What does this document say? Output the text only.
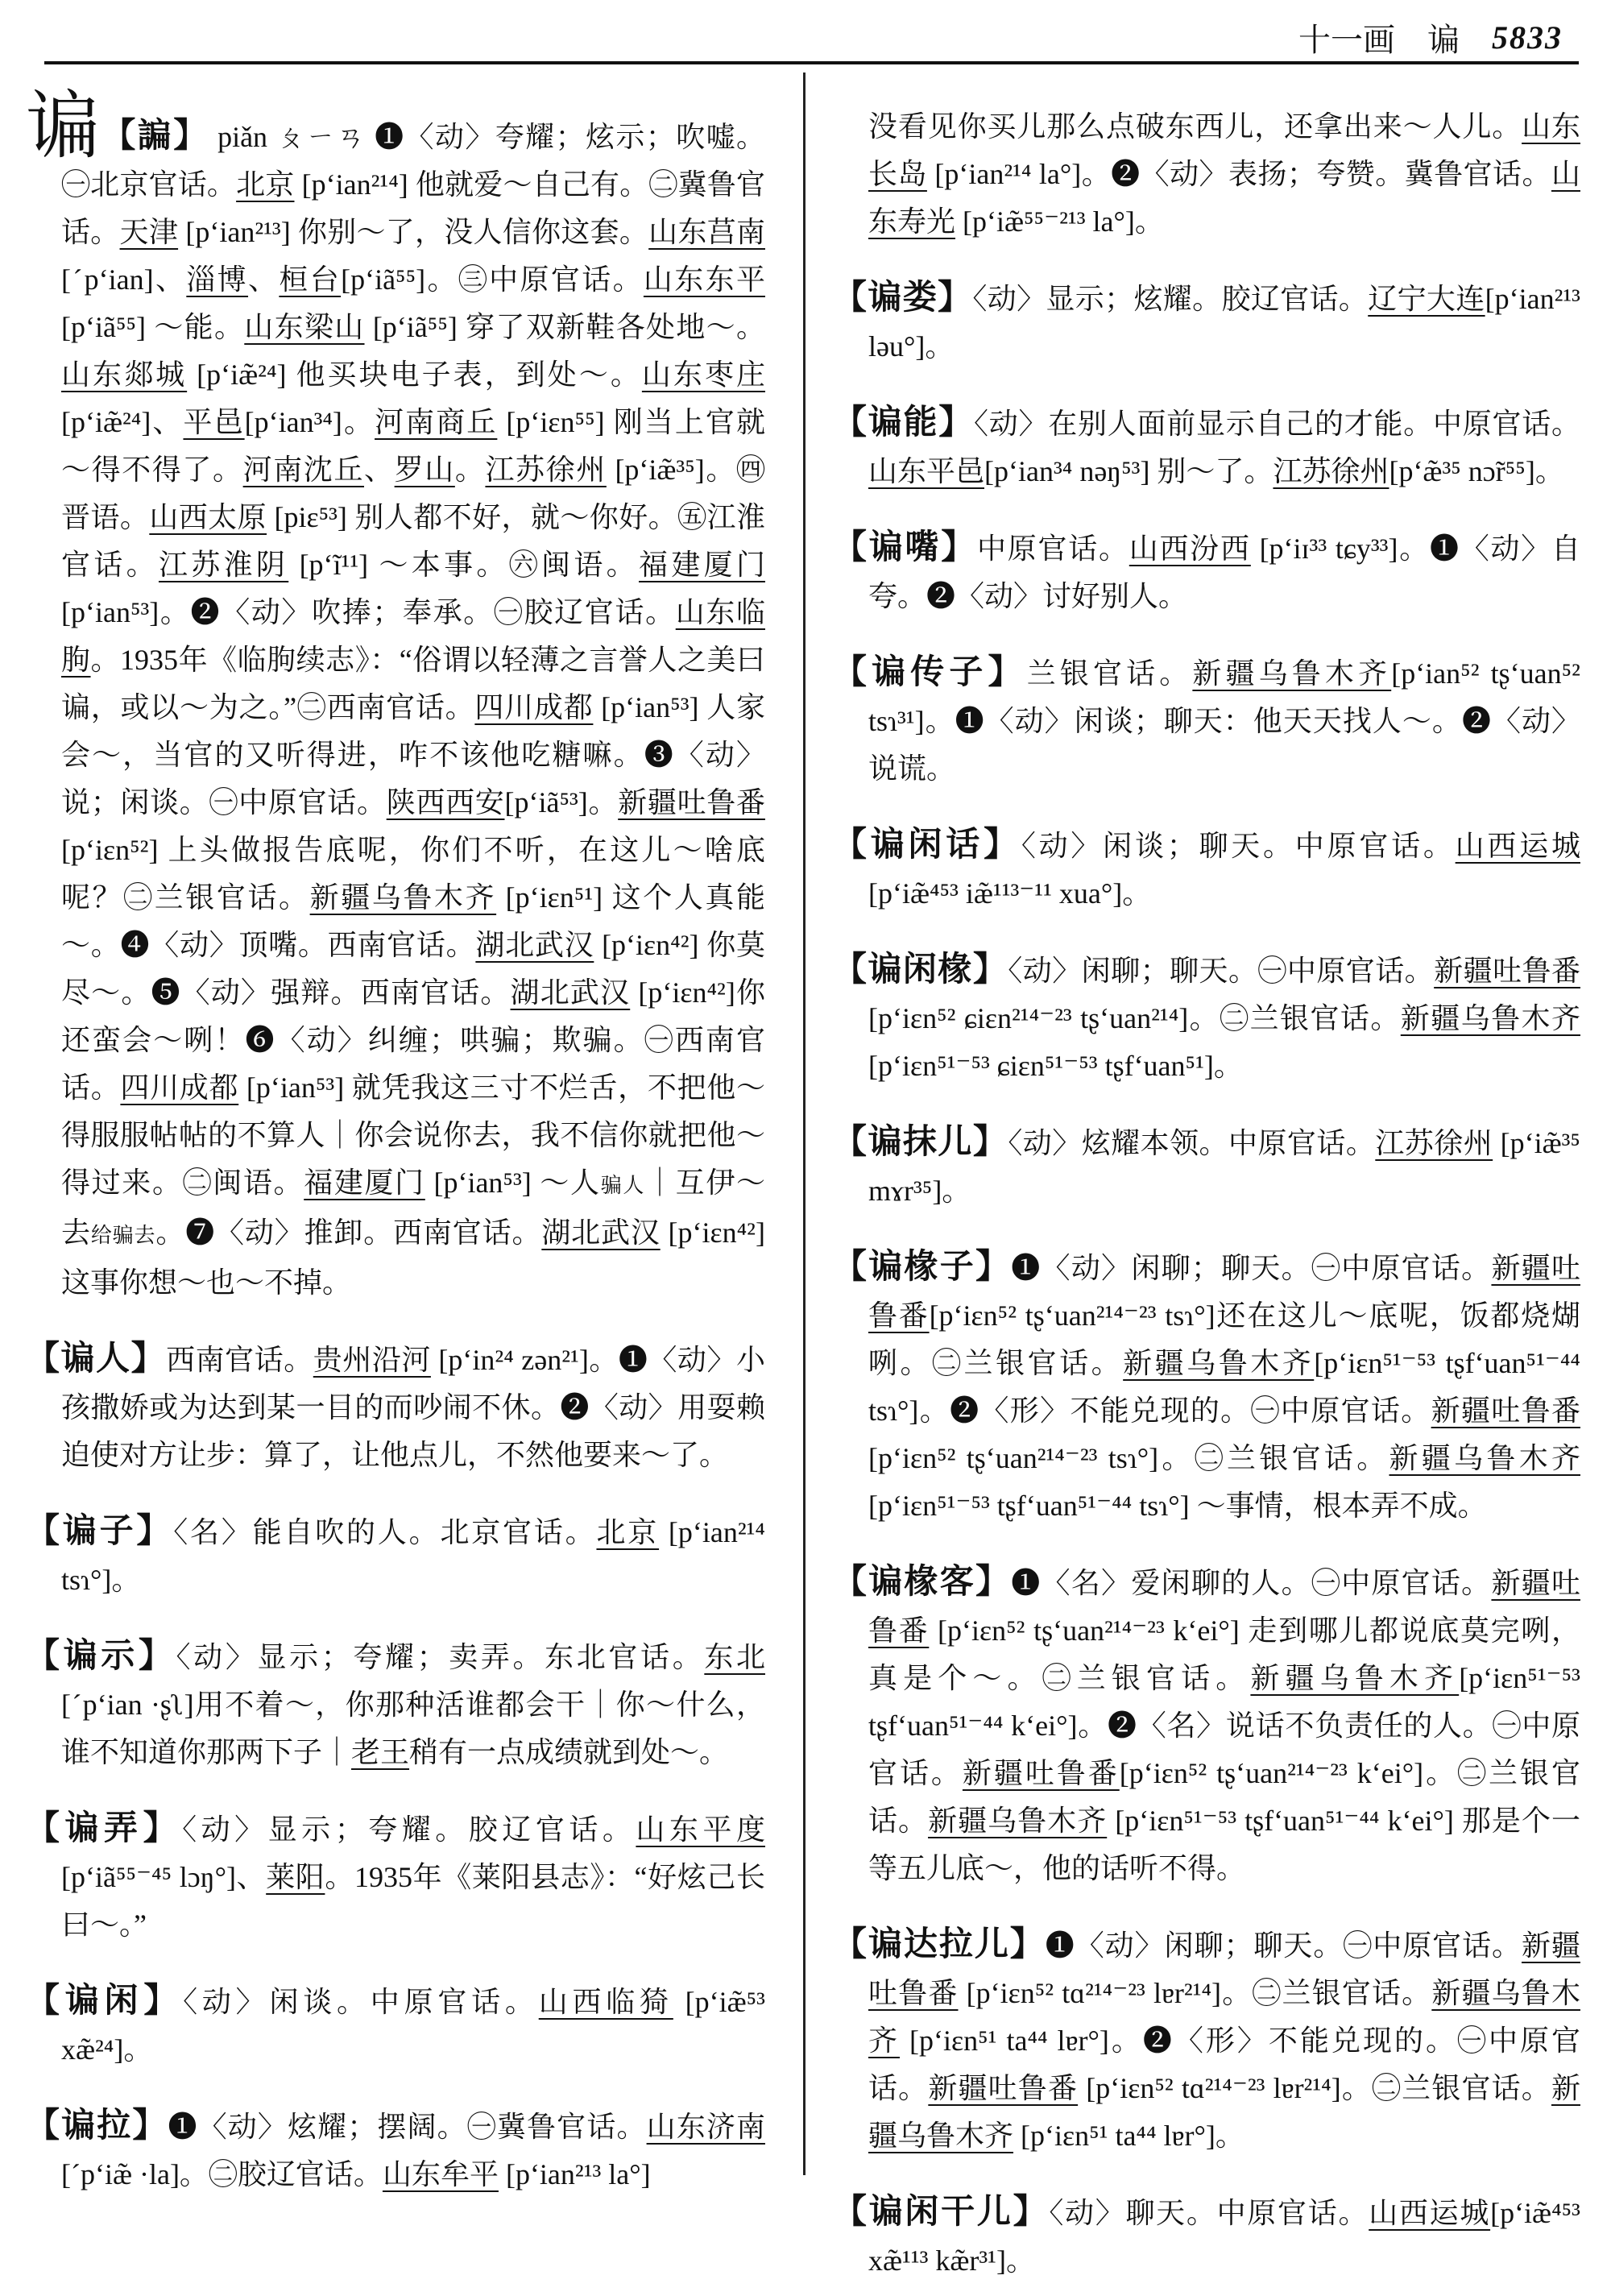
十一画 谝 5833

谝【諞】 piǎn ㄆㄧㄢ ❶〈动〉夸耀；炫示；吹嘘。㊀北京官话。北京 [p‘ian²¹⁴] 他就爱～自己有。㊁冀鲁官话。天津 [p‘ian²¹³] 你别～了，没人信你这套。山东莒南[ˊp‘ian]、淄博、桓台[p‘iã⁵⁵]。㊂中原官话。山东东平 [p‘iã⁵⁵] ～能。山东梁山 [p‘iã⁵⁵] 穿了双新鞋各处地～。山东郯城 [p‘iæ̃²⁴] 他买块电子表，到处～。山东枣庄 [p‘iæ̃²⁴]、平邑[p‘ian³⁴]。河南商丘 [p‘iɛn⁵⁵] 刚当上官就～得不得了。河南沈丘、罗山。江苏徐州 [p‘iæ̃³⁵]。㊃晋语。山西太原 [piɛ⁵³] 别人都不好，就～你好。㊄江淮官话。江苏淮阴 [p‘ĩ¹¹] ～本事。㊅闽语。福建厦门[p‘ian⁵³]。❷〈动〉吹捧；奉承。㊀胶辽官话。山东临朐。1935年《临朐续志》：“俗谓以轻薄之言誉人之美曰谝，或以～为之。”㊁西南官话。四川成都 [p‘ian⁵³] 人家会～，当官的又听得进，咋不该他吃糖嘛。❸〈动〉说；闲谈。㊀中原官话。陕西西安[p‘iã⁵³]。新疆吐鲁番[p‘iɛn⁵²] 上头做报告底呢，你们不听，在这儿～啥底呢？㊁兰银官话。新疆乌鲁木齐 [p‘iɛn⁵¹] 这个人真能～。❹〈动〉顶嘴。西南官话。湖北武汉 [p‘iɛn⁴²] 你莫尽～。❺〈动〉强辩。西南官话。湖北武汉 [p‘iɛn⁴²]你还蛮会～咧！❻〈动〉纠缠；哄骗；欺骗。㊀西南官话。四川成都 [p‘ian⁵³] 就凭我这三寸不烂舌，不把他～得服服帖帖的不算人｜你会说你去，我不信你就把他～得过来。㊁闽语。福建厦门 [p‘ian⁵³] ～人骗人｜互伊～去给骗去。❼〈动〉推卸。西南官话。湖北武汉 [p‘iɛn⁴²] 这事你想～也～不掉。

【谝人】西南官话。贵州沿河 [p‘in²⁴ zən²¹]。❶〈动〉小孩撒娇或为达到某一目的而吵闹不休。❷〈动〉用耍赖迫使对方让步：算了，让他点儿，不然他要来～了。

【谝子】〈名〉能自吹的人。北京官话。北京 [p‘ian²¹⁴ tsɿ°]。

【谝示】〈动〉显示；夸耀；卖弄。东北官话。东北 [ˊp‘ian ·ʂʅ]用不着～，你那种活谁都会干｜你～什么，谁不知道你那两下子｜老王稍有一点成绩就到处～。

【谝弄】〈动〉显示；夸耀。胶辽官话。山东平度 [p‘iã⁵⁵⁻⁴⁵ lɔŋ°]、莱阳。1935年《莱阳县志》：“好炫己长曰～。”

【谝闲】〈动〉闲谈。中原官话。山西临猗 [p‘iæ̃⁵³ xæ̃²⁴]。

【谝拉】❶〈动〉炫耀；摆阔。㊀冀鲁官话。山东济南 [ˊp‘iæ̃ ·la]。㊁胶辽官话。山东牟平 [p‘ian²¹³ la°]

没看见你买儿那么点破东西儿，还拿出来～人儿。山东长岛 [p‘ian²¹⁴ la°]。❷〈动〉表扬；夸赞。冀鲁官话。山东寿光 [p‘iæ̃⁵⁵⁻²¹³ la°]。

【谝娄】〈动〉显示；炫耀。胶辽官话。辽宁大连[p‘ian²¹³ ləu°]。

【谝能】〈动〉在别人面前显示自己的才能。中原官话。山东平邑[p‘ian³⁴ nəŋ⁵³] 别～了。江苏徐州[p‘æ̃³⁵ nɔ̃r⁵⁵]。

【谝嘴】中原官话。山西汾西 [p‘iɪ³³ tɕy³³]。❶〈动〉自夸。❷〈动〉讨好别人。

【谝传子】兰银官话。新疆乌鲁木齐[p‘ian⁵² tʂ‘uan⁵² tsɿ³¹]。❶〈动〉闲谈；聊天：他天天找人～。❷〈动〉说谎。

【谝闲话】〈动〉闲谈；聊天。中原官话。山西运城 [p‘iæ̃⁴⁵³ iæ̃¹¹³⁻¹¹ xua°]。

【谝闲椽】〈动〉闲聊；聊天。㊀中原官话。新疆吐鲁番[p‘iɛn⁵² ɕiɛn²¹⁴⁻²³ tʂ‘uan²¹⁴]。㊁兰银官话。新疆乌鲁木齐[p‘iɛn⁵¹⁻⁵³ ɕiɛn⁵¹⁻⁵³ tʂf‘uan⁵¹]。

【谝抹儿】〈动〉炫耀本领。中原官话。江苏徐州 [p‘iæ̃³⁵ mɤr³⁵]。

【谝椽子】❶〈动〉闲聊；聊天。㊀中原官话。新疆吐鲁番[p‘iɛn⁵² tʂ‘uan²¹⁴⁻²³ tsɿ°]还在这儿～底呢，饭都烧煳咧。㊁兰银官话。新疆乌鲁木齐[p‘iɛn⁵¹⁻⁵³ tʂf‘uan⁵¹⁻⁴⁴ tsɿ°]。❷〈形〉不能兑现的。㊀中原官话。新疆吐鲁番[p‘iɛn⁵² tʂ‘uan²¹⁴⁻²³ tsɿ°]。㊁兰银官话。新疆乌鲁木齐 [p‘iɛn⁵¹⁻⁵³ tʂf‘uan⁵¹⁻⁴⁴ tsɿ°] ～事情，根本弄不成。

【谝椽客】❶〈名〉爱闲聊的人。㊀中原官话。新疆吐鲁番 [p‘iɛn⁵² tʂ‘uan²¹⁴⁻²³ k‘ei°] 走到哪儿都说底莫完咧，真是个～。㊁兰银官话。新疆乌鲁木齐[p‘iɛn⁵¹⁻⁵³ tʂf‘uan⁵¹⁻⁴⁴ k‘ei°]。❷〈名〉说话不负责任的人。㊀中原官话。新疆吐鲁番[p‘iɛn⁵² tʂ‘uan²¹⁴⁻²³ k‘ei°]。㊁兰银官话。新疆乌鲁木齐 [p‘iɛn⁵¹⁻⁵³ tʂf‘uan⁵¹⁻⁴⁴ k‘ei°] 那是个一等五儿底～，他的话听不得。

【谝达拉儿】❶〈动〉闲聊；聊天。㊀中原官话。新疆吐鲁番 [p‘iɛn⁵² tɑ²¹⁴⁻²³ lɐr²¹⁴]。㊁兰银官话。新疆乌鲁木齐 [p‘iɛn⁵¹ ta⁴⁴ lɐr°]。❷〈形〉不能兑现的。㊀中原官话。新疆吐鲁番 [p‘iɛn⁵² tɑ²¹⁴⁻²³ lɐr²¹⁴]。㊁兰银官话。新疆乌鲁木齐 [p‘iɛn⁵¹ ta⁴⁴ lɐr°]。

【谝闲干儿】〈动〉聊天。中原官话。山西运城[p‘iæ̃⁴⁵³ xæ̃¹¹³ kæ̃r³¹]。
